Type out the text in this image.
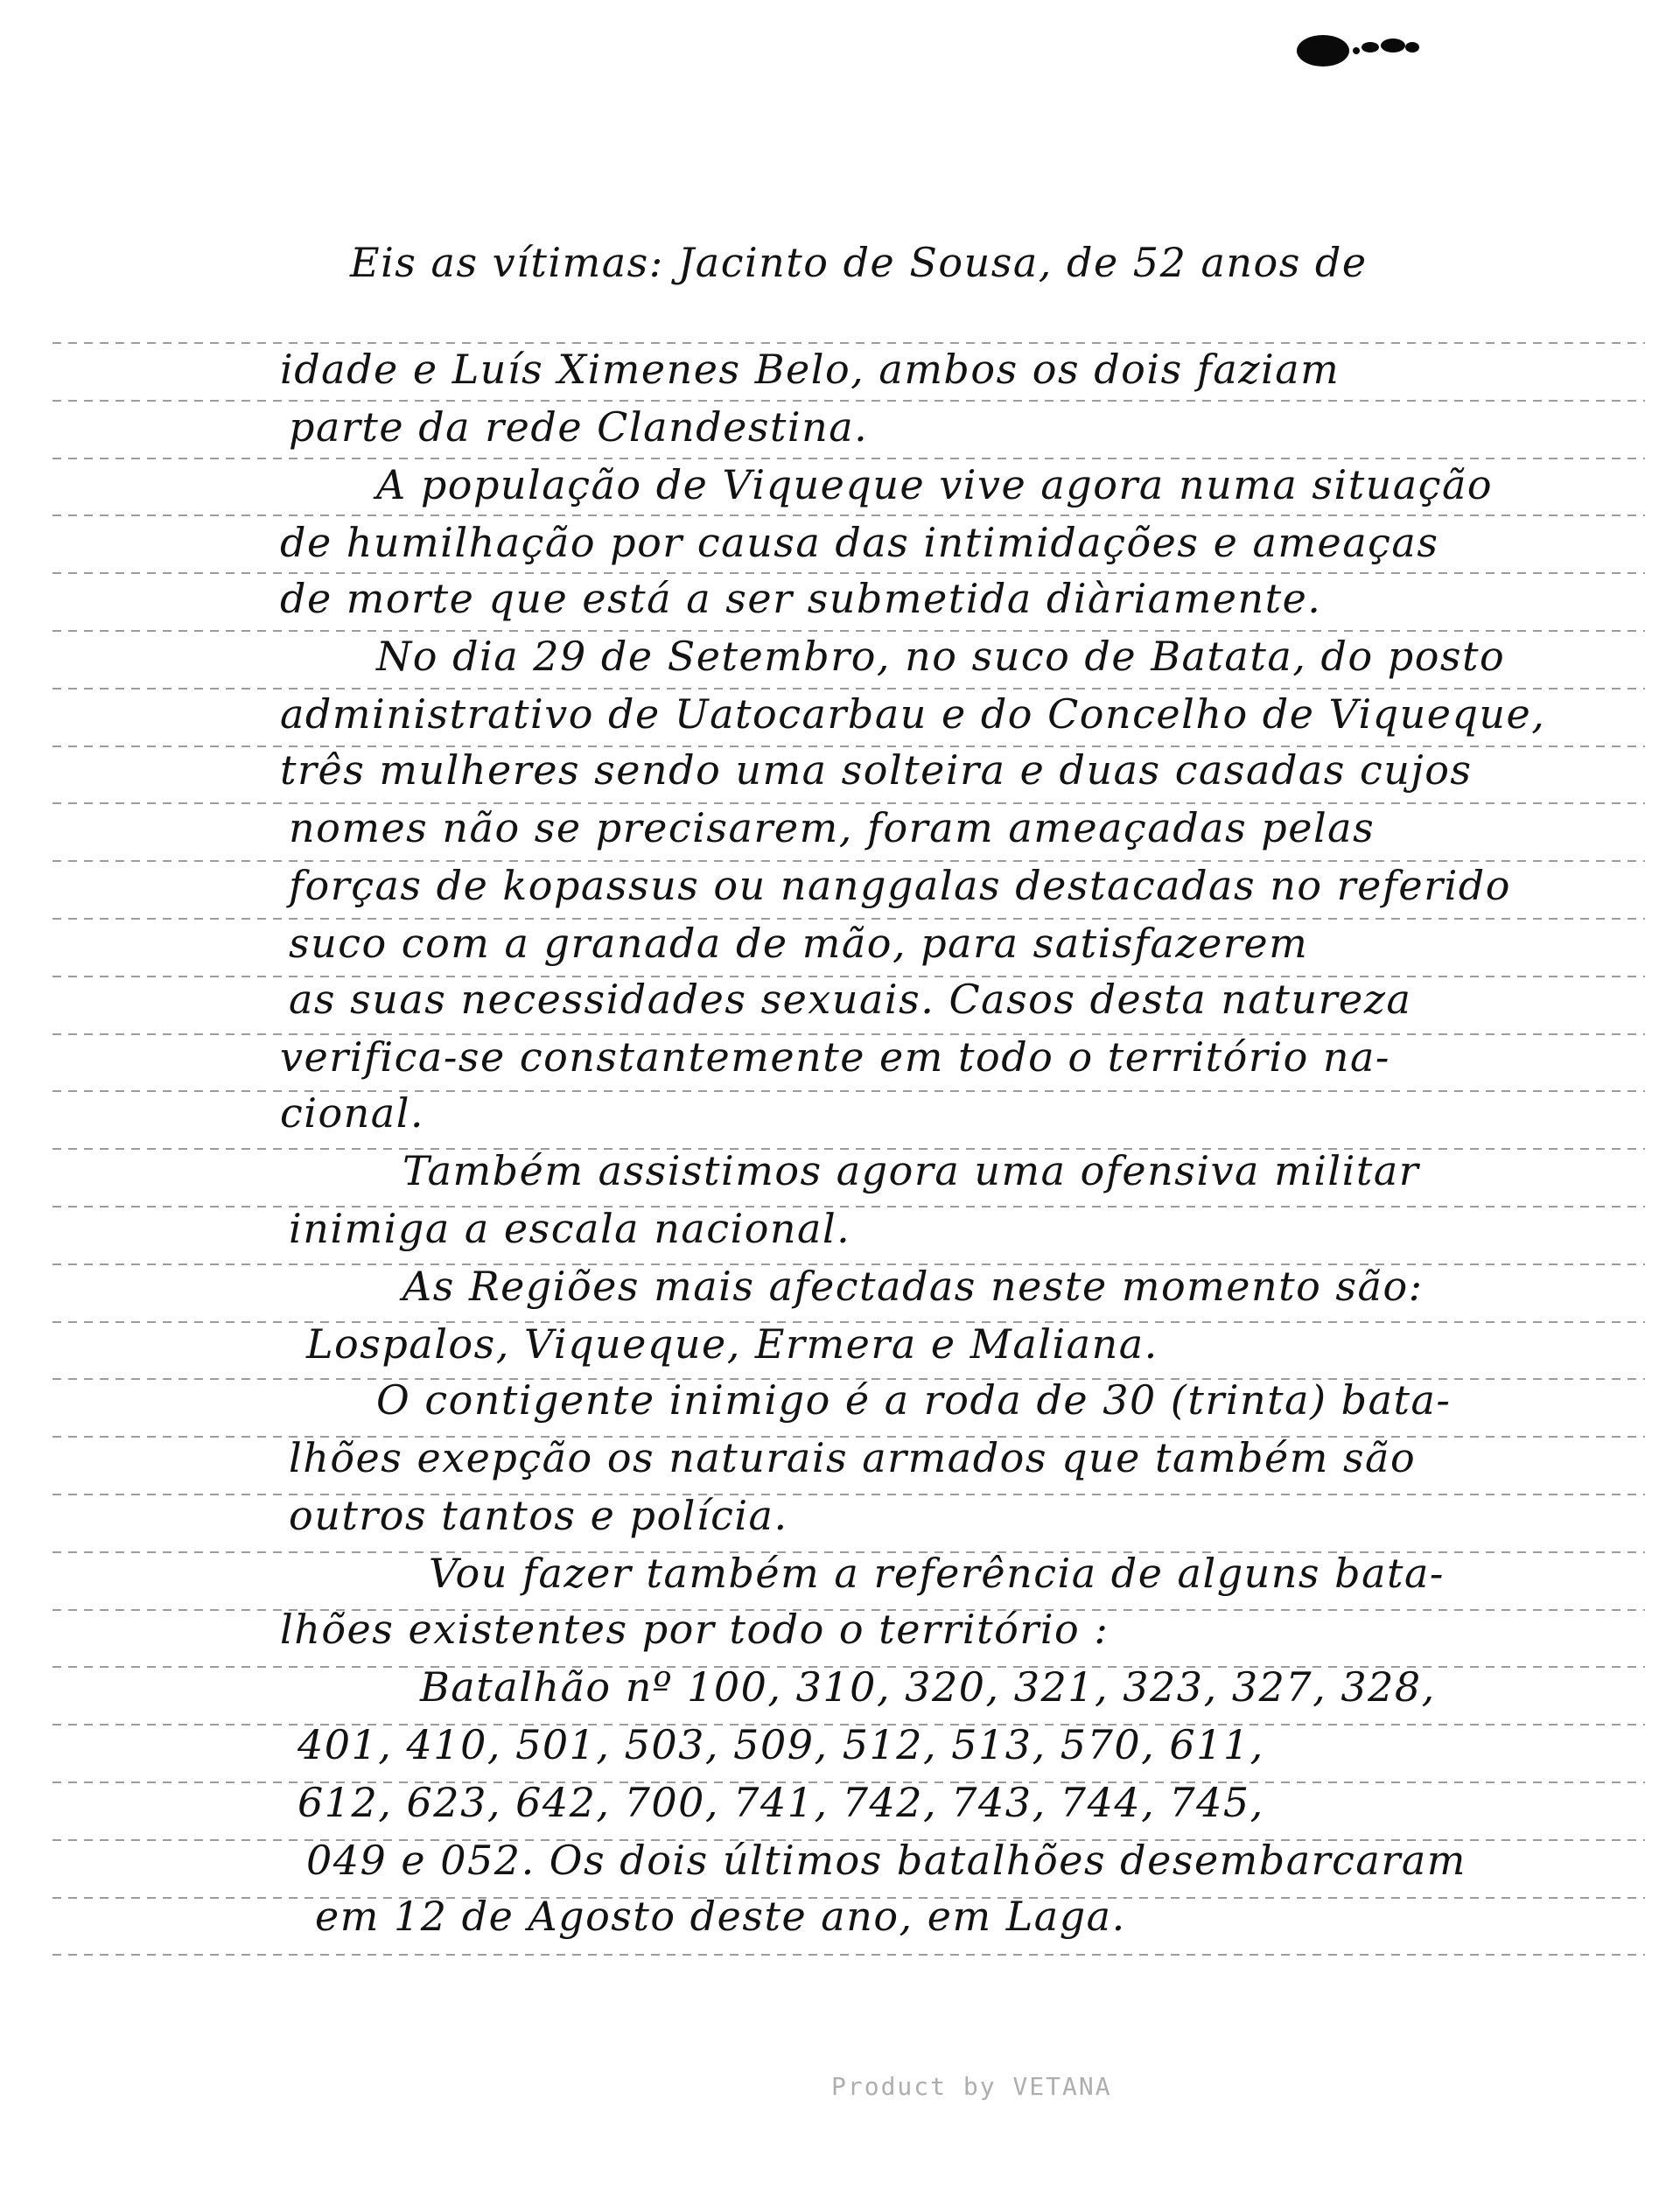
Eis as vítimas: Jacinto de Sousa, de 52 anos de
idade e Luís Ximenes Belo, ambos os dois faziam
parte da rede Clandestina.
A população de Viqueque vive agora numa situação
de humilhação por causa das intimidações e ameaças
de morte que está a ser submetida diàriamente.
No dia 29 de Setembro, no suco de Batata, do posto
administrativo de Uatocarbau e do Concelho de Viqueque,
três mulheres sendo uma solteira e duas casadas cujos
nomes não se precisarem, foram ameaçadas pelas
forças de kopassus ou nanggalas destacadas no referido
suco com a granada de mão, para satisfazerem
as suas necessidades sexuais. Casos desta natureza
verifica-se constantemente em todo o território na-
cional.
Também assistimos agora uma ofensiva militar
inimiga a escala nacional.
As Regiões mais afectadas neste momento são:
Lospalos, Viqueque, Ermera e Maliana.
O contigente inimigo é a roda de 30 (trinta) bata-
lhões exepção os naturais armados que também são
outros tantos e polícia.
Vou fazer também a referência de alguns bata-
lhões existentes por todo o território :
Batalhão nº 100, 310, 320, 321, 323, 327, 328,
401, 410, 501, 503, 509, 512, 513, 570, 611,
612, 623, 642, 700, 741, 742, 743, 744, 745,
049 e 052. Os dois últimos batalhões desembarcaram
em 12 de Agosto deste ano, em Laga.
Product by VETANA
